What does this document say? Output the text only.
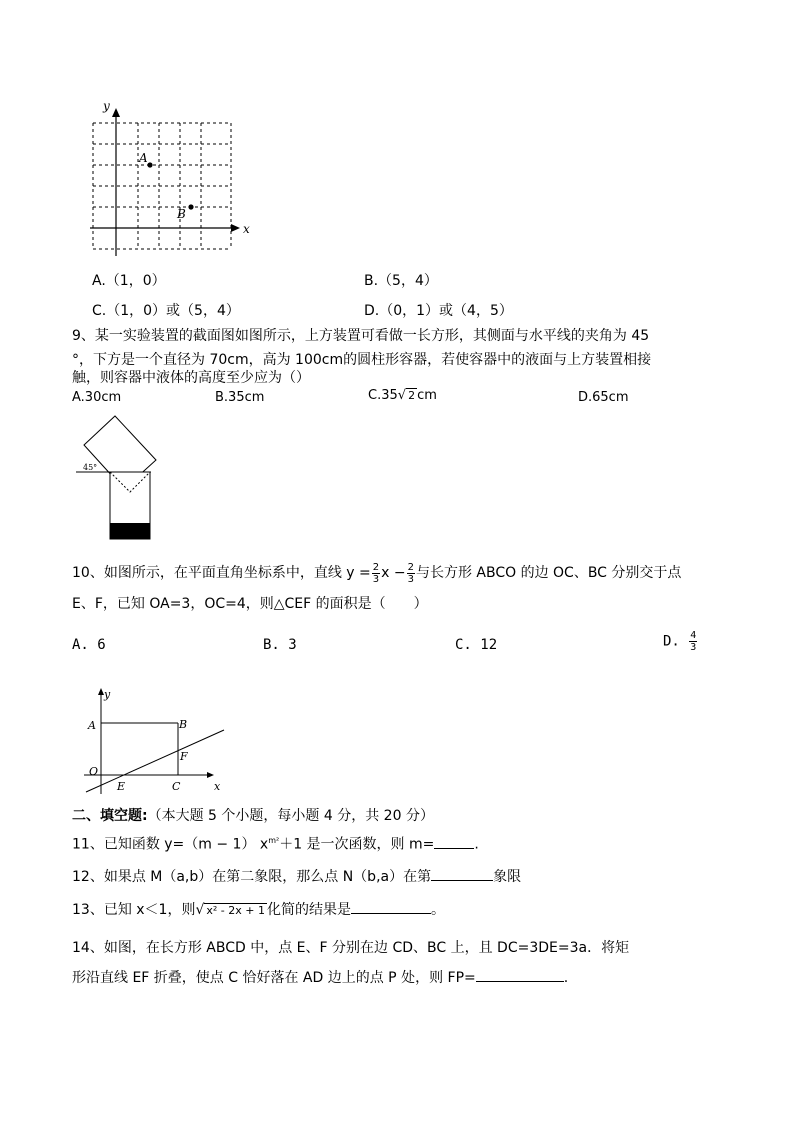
y
x
A
B
A.（1，0）	B.（5，4）
C.（1，0）或（5，4）	D.（0，1）或（4，5）
9、某一实验装置的截面图如图所示，上方装置可看做一长方形，其侧面与水平线的夹角为 45
°，下方是一个直径为 70cm，高为 100cm的圆柱形容器，若使容器中的液面与上方装置相接
触，则容器中液体的高度至少应为（）
A.30cm	B.35cm	C.35√ 2 cm	D.65cm
45°
10、如图所示，在平面直角坐标系中，直线 $y = \frac{2}{3}$ $x - \frac{2}{3}$ 与长方形 ABCO 的边 OC、BC 分别交于点
E、F，已知 OA=3，OC=4，则△CEF 的面积是（　　）
A. 6	B. 3	C. 12	D. $\frac{4}{3}$
y
x
A	B
F
O
E	C
二、填空题:（本大题 5 个小题，每小题 4 分，共 20 分）
11、已知函数 y=（m − 1） $x^{m^2}+1$ 是一次函数，则 m=	.
12、如果点 M（a,b）在第二象限，那么点 N（b,a）在第	象限
13、已知 x＜1，则√ x² - 2x + 1 化简的结果是	。
14、如图，在长方形 ABCD 中，点 E、F 分别在边 CD、BC 上，且 DC=3DE=3a．将矩
形沿直线 EF 折叠，使点 C 恰好落在 AD 边上的点 P 处，则 FP=	.
